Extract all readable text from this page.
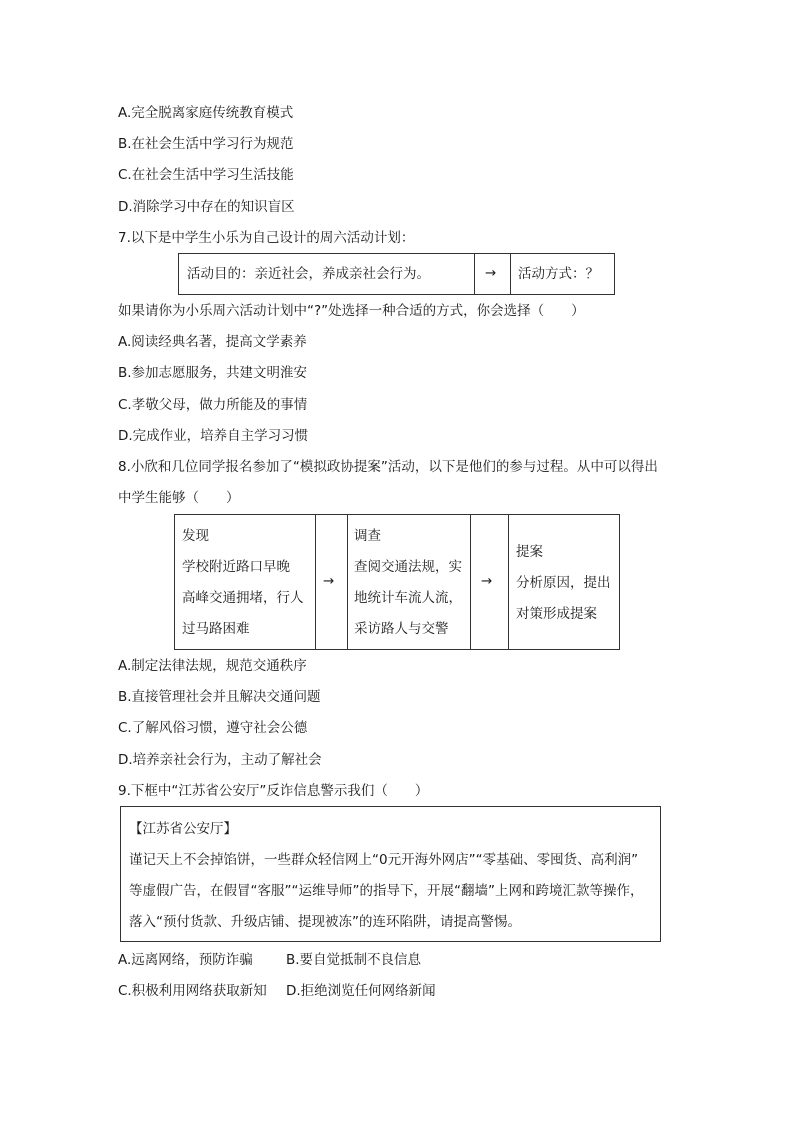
A.完全脱离家庭传统教育模式
B.在社会生活中学习行为规范
C.在社会生活中学习生活技能
D.消除学习中存在的知识盲区
7.以下是中学生小乐为自己设计的周六活动计划：
活动目的：亲近社会，养成亲社会行为。	→ 活动方式：？
如果请你为小乐周六活动计划中“?”处选择一种合适的方式，你会选择（　　）
A.阅读经典名著，提高文学素养
B.参加志愿服务，共建文明淮安
C.孝敬父母，做力所能及的事情
D.完成作业，培养自主学习习惯
8.小欣和几位同学报名参加了“模拟政协提案”活动，以下是他们的参与过程。从中可以得出
中学生能够（　　）
发现
学校附近路口早晚
高峰交通拥堵，行人
过马路困难
→
调查
查阅交通法规，实
地统计车流人流，
采访路人与交警
→
提案
分析原因，提出
对策形成提案
A.制定法律法规，规范交通秩序
B.直接管理社会并且解决交通问题
C.了解风俗习惯，遵守社会公德
D.培养亲社会行为，主动了解社会
9.下框中“江苏省公安厅”反诈信息警示我们（　　）
【江苏省公安厅】
谨记天上不会掉馅饼，一些群众轻信网上“0元开海外网店”“零基础、零囤货、高利润”
等虚假广告，在假冒“客服”“运维导师”的指导下，开展“翻墙”上网和跨境汇款等操作，
落入“预付货款、升级店铺、提现被冻”的连环陷阱，请提高警惕。
A.远离网络，预防诈骗 B.要自觉抵制不良信息
C.积极利用网络获取新知 D.拒绝浏览任何网络新闻
